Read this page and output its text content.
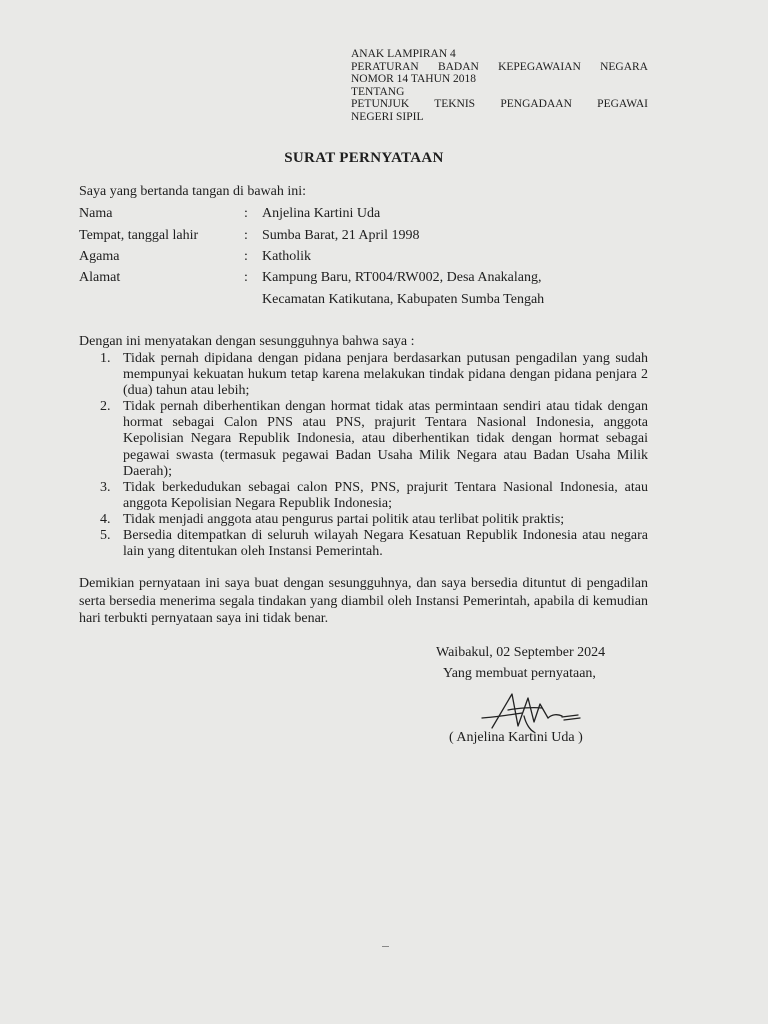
ANAK LAMPIRAN 4
PERATURAN BADAN KEPEGAWAIAN NEGARA
NOMOR 14 TAHUN 2018
TENTANG
PETUNJUK TEKNIS PENGADAAN PEGAWAI
NEGERI SIPIL
SURAT PERNYATAAN
Saya yang bertanda tangan di bawah ini:
Nama	: Anjelina Kartini Uda
Tempat, tanggal lahir	: Sumba Barat, 21 April 1998
Agama	: Katholik
Alamat	: Kampung Baru, RT004/RW002, Desa Anakalang,
Kecamatan Katikutana, Kabupaten Sumba Tengah
Dengan ini menyatakan dengan sesungguhnya bahwa saya :
1. Tidak pernah dipidana dengan pidana penjara berdasarkan putusan pengadilan yang sudah mempunyai kekuatan hukum tetap karena melakukan tindak pidana dengan pidana penjara 2 (dua) tahun atau lebih;
2. Tidak pernah diberhentikan dengan hormat tidak atas permintaan sendiri atau tidak dengan hormat sebagai Calon PNS atau PNS, prajurit Tentara Nasional Indonesia, anggota Kepolisian Negara Republik Indonesia, atau diberhentikan tidak dengan hormat sebagai pegawai swasta (termasuk pegawai Badan Usaha Milik Negara atau Badan Usaha Milik Daerah);
3. Tidak berkedudukan sebagai calon PNS, PNS, prajurit Tentara Nasional Indonesia, atau anggota Kepolisian Negara Republik Indonesia;
4. Tidak menjadi anggota atau pengurus partai politik atau terlibat politik praktis;
5. Bersedia ditempatkan di seluruh wilayah Negara Kesatuan Republik Indonesia atau negara lain yang ditentukan oleh Instansi Pemerintah.
Demikian pernyataan ini saya buat dengan sesungguhnya, dan saya bersedia dituntut di pengadilan serta bersedia menerima segala tindakan yang diambil oleh Instansi Pemerintah, apabila di kemudian hari terbukti pernyataan saya ini tidak benar.
Waibakul, 02 September 2024
Yang membuat pernyataan,
( Anjelina Kartini Uda )
